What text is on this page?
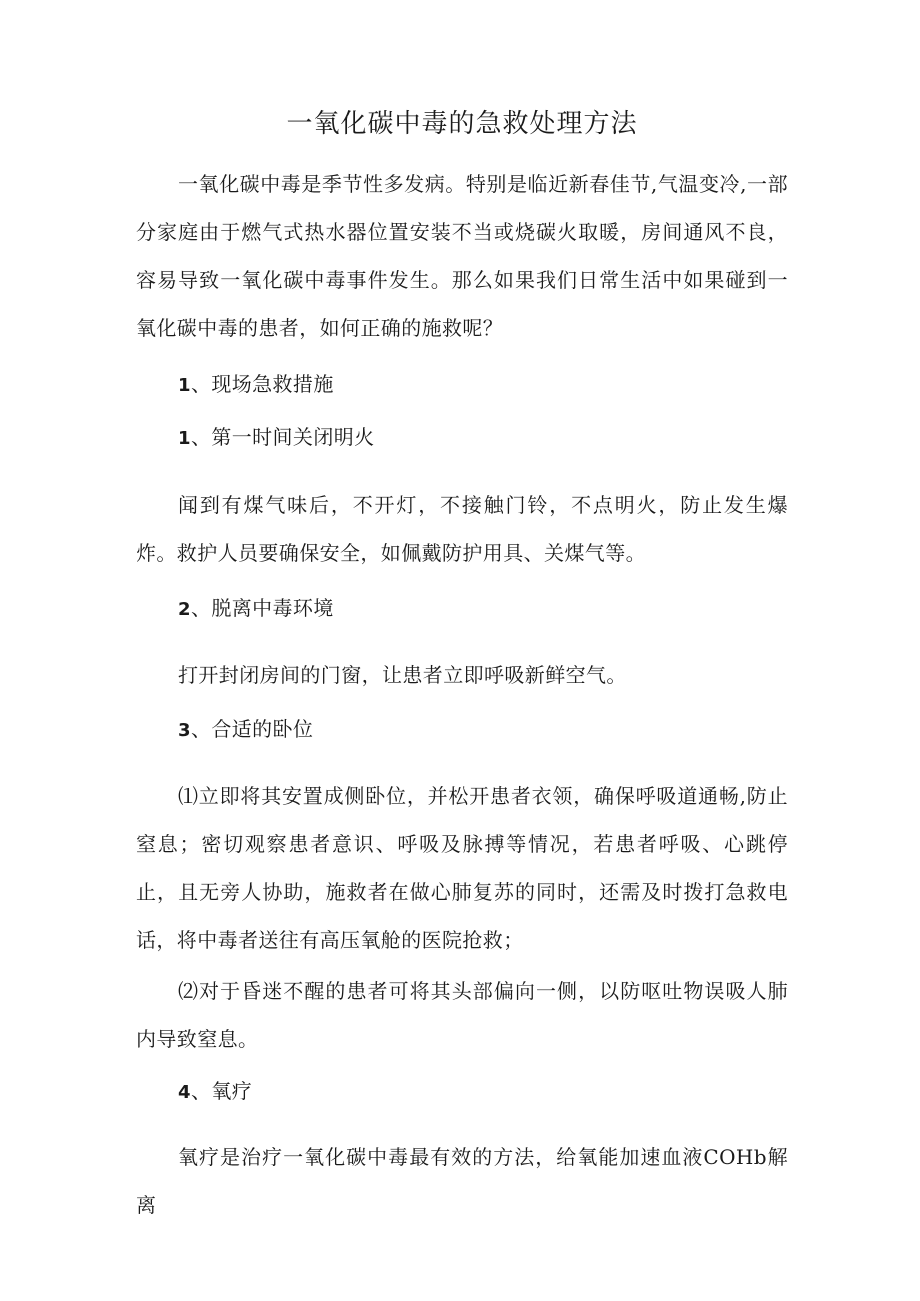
一氧化碳中毒的急救处理方法

一氧化碳中毒是季节性多发病。特别是临近新春佳节,气温变冷,一部分家庭由于燃气式热水器位置安装不当或烧碳火取暖，房间通风不良，容易导致一氧化碳中毒事件发生。那么如果我们日常生活中如果碰到一氧化碳中毒的患者，如何正确的施救呢？

1、现场急救措施
1、第一时间关闭明火

闻到有煤气味后，不开灯，不接触门铃，不点明火，防止发生爆炸。救护人员要确保安全，如佩戴防护用具、关煤气等。

2、脱离中毒环境

打开封闭房间的门窗，让患者立即呼吸新鲜空气。

3、合适的卧位

⑴立即将其安置成侧卧位，并松开患者衣领，确保呼吸道通畅,防止窒息；密切观察患者意识、呼吸及脉搏等情况，若患者呼吸、心跳停止，且无旁人协助，施救者在做心肺复苏的同时，还需及时拨打急救电话，将中毒者送往有高压氧舱的医院抢救；

⑵对于昏迷不醒的患者可将其头部偏向一侧，以防呕吐物误吸人肺内导致窒息。

4、氧疗

氧疗是治疗一氧化碳中毒最有效的方法，给氧能加速血液COHb解离
